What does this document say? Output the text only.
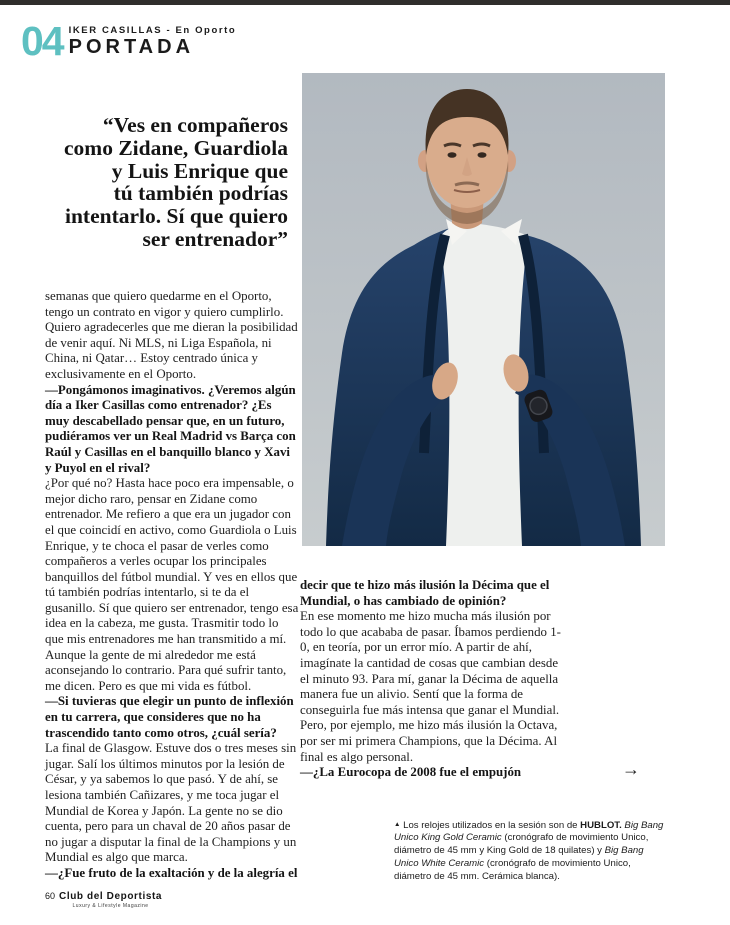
04 IKER CASILLAS - En Oporto
PORTADA
“Ves en compañeros
como Zidane, Guardiola
y Luis Enrique que
tú también podrías
intentarlo. Sí que quiero
ser entrenador”

semanas que quiero quedarme en el Oporto, tengo un contrato en vigor y quiero cumplirlo. Quiero agradecerles que me dieran la posibilidad de venir aquí. Ni MLS, ni Liga Española, ni China, ni Qatar… Estoy centrado única y exclusivamente en el Oporto.

—Pongámonos imaginativos. ¿Veremos algún día a Iker Casillas como entrenador? ¿Es muy descabellado pensar que, en un futuro, pudiéramos ver un Real Madrid vs Barça con Raúl y Casillas en el banquillo blanco y Xavi y Puyol en el rival?

¿Por qué no? Hasta hace poco era impensable, o mejor dicho raro, pensar en Zidane como entrenador. Me refiero a que era un jugador con el que coincidí en activo, como Guardiola o Luis Enrique, y te choca el pasar de verles como compañeros a verles ocupar los principales banquillos del fútbol mundial. Y ves en ellos que tú también podrías intentarlo, si te da el gusanillo. Sí que quiero ser entrenador, tengo esa idea en la cabeza, me gusta. Trasmitir todo lo que mis entrenadores me han transmitido a mí. Aunque la gente de mi alrededor me está aconsejando lo contrario. Para qué sufrir tanto, me dicen. Pero es que mi vida es fútbol.

—Si tuvieras que elegir un punto de inflexión en tu carrera, que consideres que no ha trascendido tanto como otros, ¿cuál sería?

La final de Glasgow. Estuve dos o tres meses sin jugar. Salí los últimos minutos por la lesión de César, y ya sabemos lo que pasó. Y de ahí, se lesiona también Cañizares, y me toca jugar el Mundial de Korea y Japón. La gente no se dio cuenta, pero para un chaval de 20 años pasar de no jugar a disputar la final de la Champions y un Mundial es algo que marca.

—¿Fue fruto de la exaltación y de la alegría el

decir que te hizo más ilusión la Décima que el Mundial, o has cambiado de opinión?

En ese momento me hizo mucha más ilusión por todo lo que acababa de pasar. Íbamos perdiendo 1-0, en teoría, por un error mío. A partir de ahí, imagínate la cantidad de cosas que cambian desde el minuto 93. Para mí, ganar la Décima de aquella manera fue un alivio. Sentí que la forma de conseguirla fue más intensa que ganar el Mundial. Pero, por ejemplo, me hizo más ilusión la Octava, por ser mi primera Champions, que la Décima. Al final es algo personal.

—¿La Eurocopa de 2008 fue el empujón	→

▲ Los relojes utilizados en la sesión son de HUBLOT. Big Bang Unico King Gold Ceramic (cronógrafo de movimiento Unico, diámetro de 45 mm y King Gold de 18 quilates) y Big Bang Unico White Ceramic (cronógrafo de movimiento Unico, diámetro de 45 mm. Cerámica blanca).

60 Club del Deportista
Luxury & Lifestyle Magazine
